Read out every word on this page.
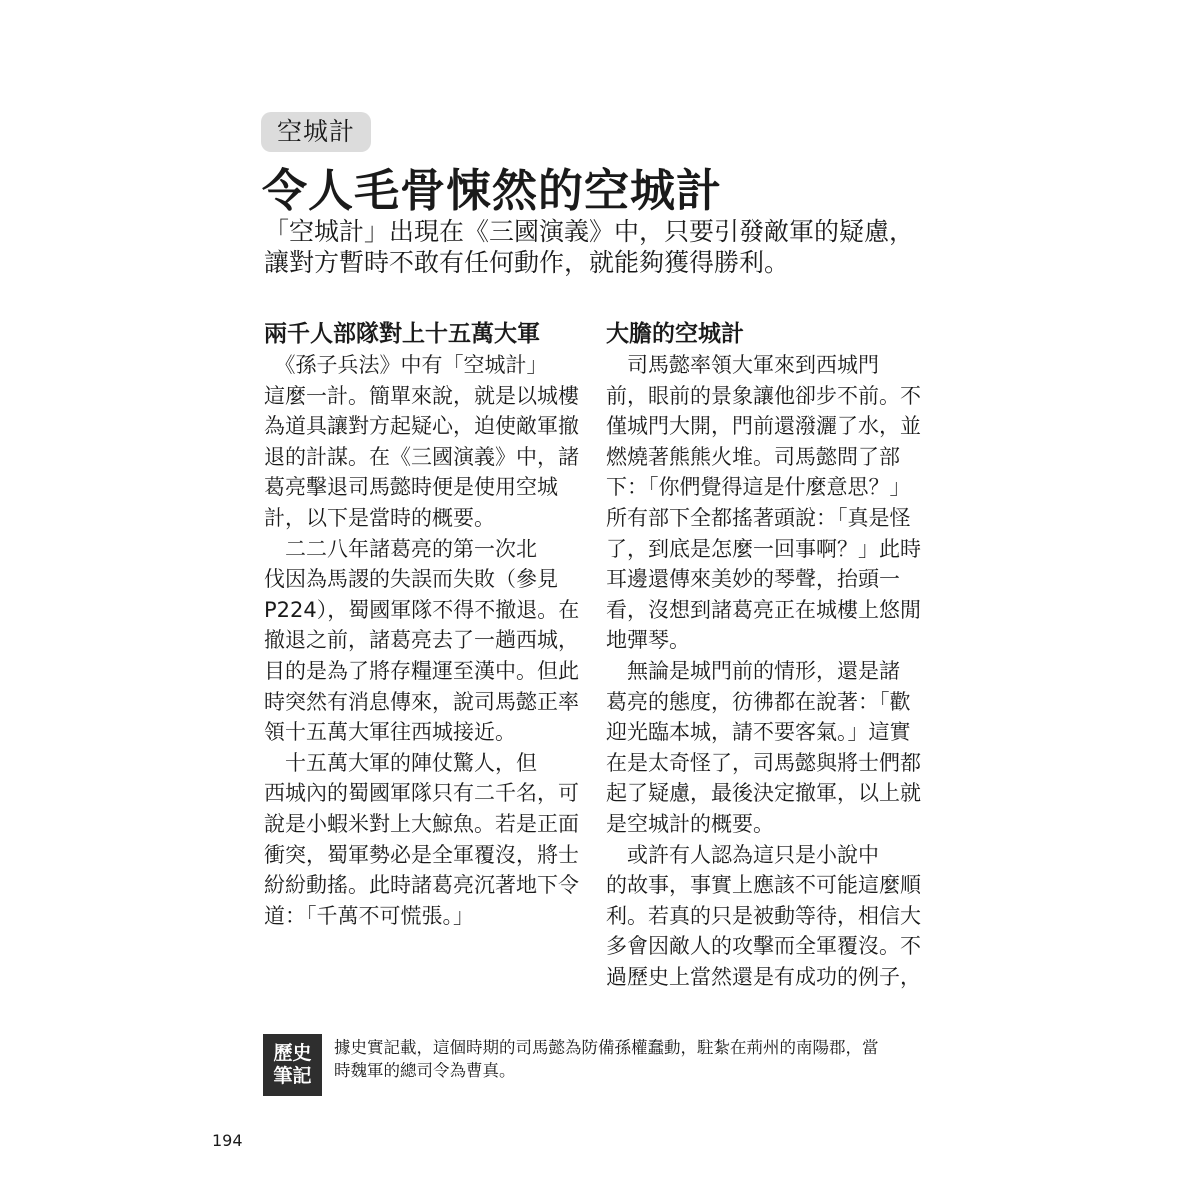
空城計
令人毛骨悚然的空城計
「空城計」出現在《三國演義》中，只要引發敵軍的疑慮，
讓對方暫時不敢有任何動作，就能夠獲得勝利。
兩千人部隊對上十五萬大軍

　《孫子兵法》中有「空城計」

這麼一計。簡單來說，就是以城樓

為道具讓對方起疑心，迫使敵軍撤

退的計謀。在《三國演義》中，諸

葛亮擊退司馬懿時便是使用空城

計，以下是當時的概要。

　二二八年諸葛亮的第一次北

伐因為馬謖的失誤而失敗（參見

P224），蜀國軍隊不得不撤退。在

撤退之前，諸葛亮去了一趟西城，

目的是為了將存糧運至漢中。但此

時突然有消息傳來，說司馬懿正率

領十五萬大軍往西城接近。

　十五萬大軍的陣仗驚人，但

西城內的蜀國軍隊只有二千名，可

說是小蝦米對上大鯨魚。若是正面

衝突，蜀軍勢必是全軍覆沒，將士

紛紛動搖。此時諸葛亮沉著地下令

道：「千萬不可慌張。」

大膽的空城計

　司馬懿率領大軍來到西城門

前，眼前的景象讓他卻步不前。不

僅城門大開，門前還潑灑了水，並

燃燒著熊熊火堆。司馬懿問了部

下：「你們覺得這是什麼意思？」

所有部下全都搖著頭說：「真是怪

了，到底是怎麼一回事啊？」此時

耳邊還傳來美妙的琴聲，抬頭一

看，沒想到諸葛亮正在城樓上悠閒

地彈琴。

　無論是城門前的情形，還是諸

葛亮的態度，彷彿都在說著：「歡

迎光臨本城，請不要客氣。」這實

在是太奇怪了，司馬懿與將士們都

起了疑慮，最後決定撤軍，以上就

是空城計的概要。

　或許有人認為這只是小說中

的故事，事實上應該不可能這麼順

利。若真的只是被動等待，相信大

多會因敵人的攻擊而全軍覆沒。不

過歷史上當然還是有成功的例子，

歷史
筆記
據史實記載，這個時期的司馬懿為防備孫權蠢動，駐紮在荊州的南陽郡，當
時魏軍的總司令為曹真。
194
